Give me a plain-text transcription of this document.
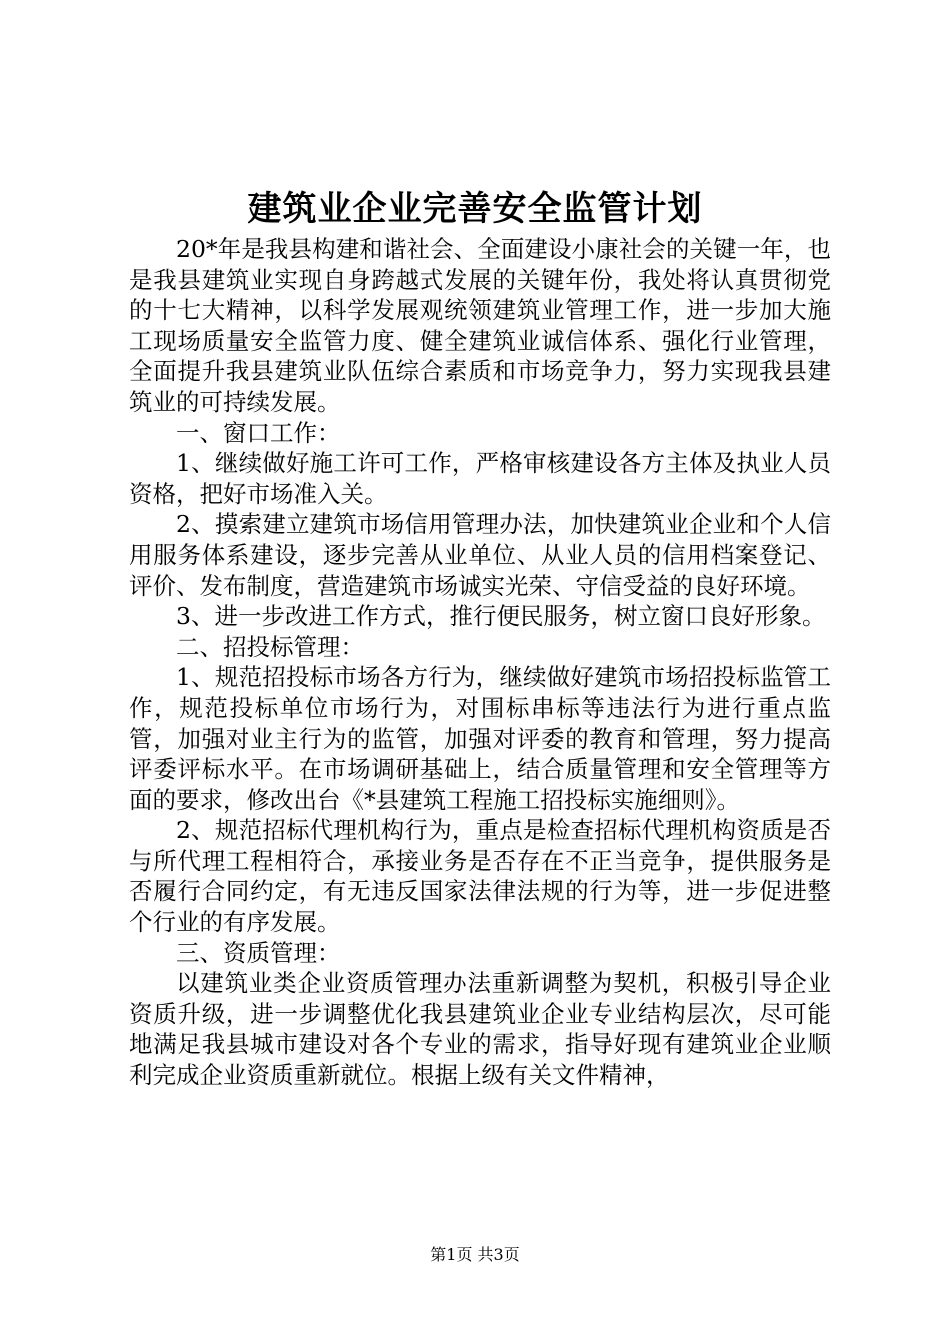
建筑业企业完善安全监管计划

20*年是我县构建和谐社会、全面建设小康社会的关键一年，也是我县建筑业实现自身跨越式发展的关键年份，我处将认真贯彻党的十七大精神，以科学发展观统领建筑业管理工作，进一步加大施工现场质量安全监管力度、健全建筑业诚信体系、强化行业管理，全面提升我县建筑业队伍综合素质和市场竞争力，努力实现我县建筑业的可持续发展。

一、窗口工作：

1、继续做好施工许可工作，严格审核建设各方主体及执业人员资格，把好市场准入关。

2、摸索建立建筑市场信用管理办法，加快建筑业企业和个人信用服务体系建设，逐步完善从业单位、从业人员的信用档案登记、评价、发布制度，营造建筑市场诚实光荣、守信受益的良好环境。

3、进一步改进工作方式，推行便民服务，树立窗口良好形象。

二、招投标管理：

1、规范招投标市场各方行为，继续做好建筑市场招投标监管工作，规范投标单位市场行为，对围标串标等违法行为进行重点监管，加强对业主行为的监管，加强对评委的教育和管理，努力提高评委评标水平。在市场调研基础上，结合质量管理和安全管理等方面的要求，修改出台《*县建筑工程施工招投标实施细则》。

2、规范招标代理机构行为，重点是检查招标代理机构资质是否与所代理工程相符合，承接业务是否存在不正当竞争，提供服务是否履行合同约定，有无违反国家法律法规的行为等，进一步促进整个行业的有序发展。

三、资质管理：

以建筑业类企业资质管理办法重新调整为契机，积极引导企业资质升级，进一步调整优化我县建筑业企业专业结构层次，尽可能地满足我县城市建设对各个专业的需求，指导好现有建筑业企业顺利完成企业资质重新就位。根据上级有关文件精神，

第1页 共3页
